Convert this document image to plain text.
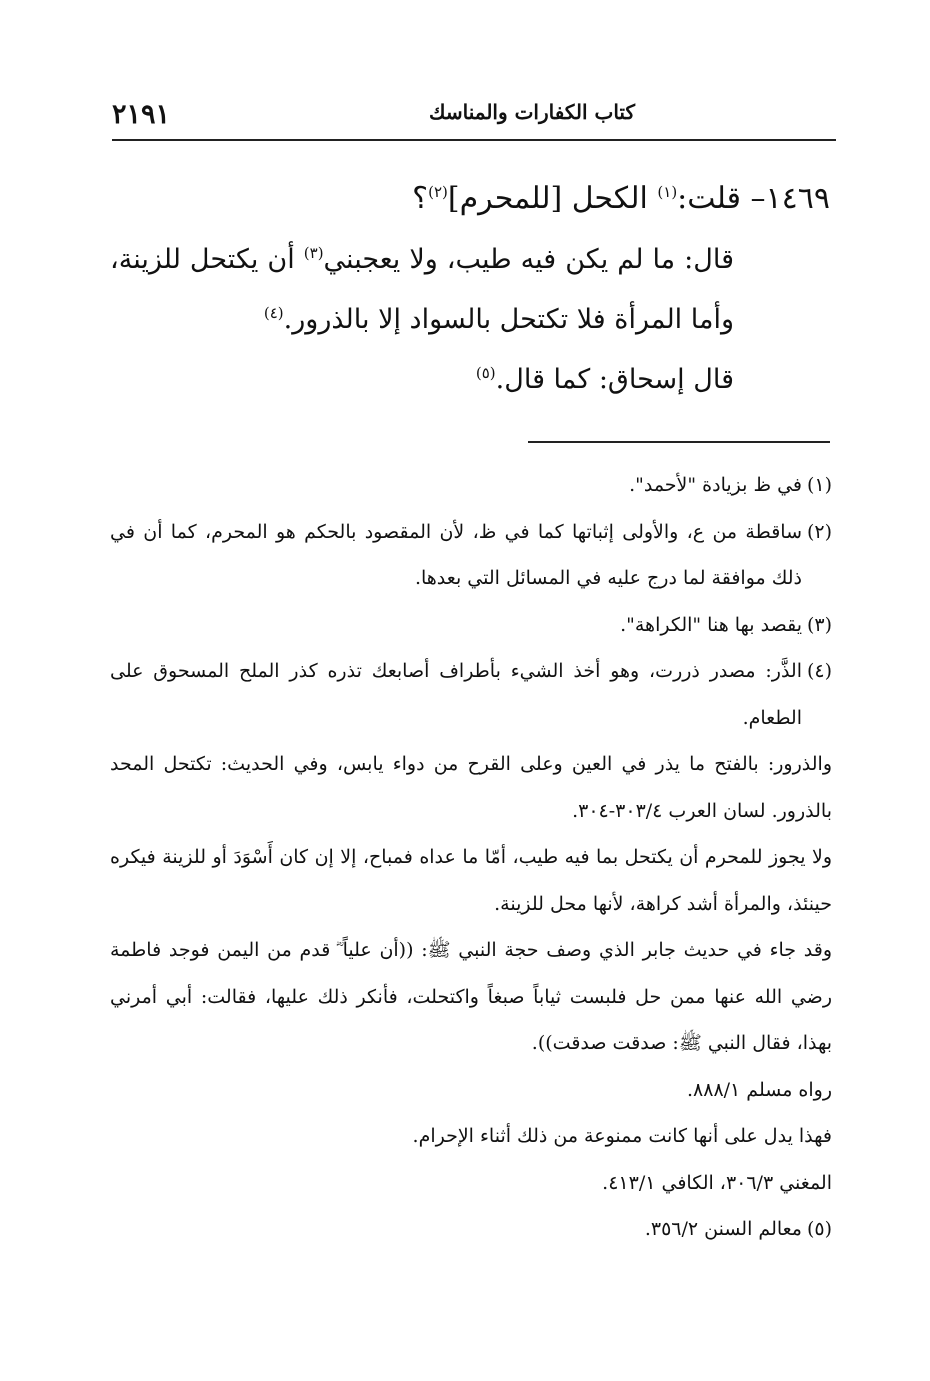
٢١٩١	كتاب الكفارات والمناسك

١٤٦٩– قلت:$^{(١)}$ الكحل [للمحرم]$^{(٢)}$؟

قال: ما لم يكن فيه طيب، ولا يعجبني$^{(٣)}$ أن يكتحل للزينة، وأما المرأة فلا تكتحل بالسواد إلا بالذرور.$^{(٤)}$

قال إسحاق: كما قال.$^{(٥)}$

(١)في ظ بزيادة "لأحمد".

(٢)ساقطة من ع، والأولى إثباتها كما في ظ، لأن المقصود بالحكم هو المحرم، كما أن في ذلك موافقة لما درج عليه في المسائل التي بعدها.

(٣)يقصد بها هنا "الكراهة".

(٤)الذَّر: مصدر ذررت، وهو أخذ الشيء بأطراف أصابعك تذره كذر الملح المسحوق على الطعام.

والذرور: بالفتح ما يذر في العين وعلى القرح من دواء يابس، وفي الحديث: تكتحل المحد بالذرور. لسان العرب ٣٠٣/٤-٣٠٤.

ولا يجوز للمحرم أن يكتحل بما فيه طيب، أمّا ما عداه فمباح، إلا إن كان أَسْوَدَ أو للزينة فيكره حينئذ، والمرأة أشد كراهة، لأنها محل للزينة.

وقد جاء في حديث جابر الذي وصف حجة النبي ﷺ: ((أن علياً ؓ قدم من اليمن فوجد فاطمة رضي الله عنها ممن حل فلبست ثياباً صبغاً واكتحلت، فأنكر ذلك عليها، فقالت: أبي أمرني بهذا، فقال النبي ﷺ: صدقت صدقت)).

رواه مسلم ٨٨٨/١.

فهذا يدل على أنها كانت ممنوعة من ذلك أثناء الإحرام.

المغني ٣٠٦/٣، الكافي ٤١٣/١.

(٥)معالم السنن ٣٥٦/٢.
